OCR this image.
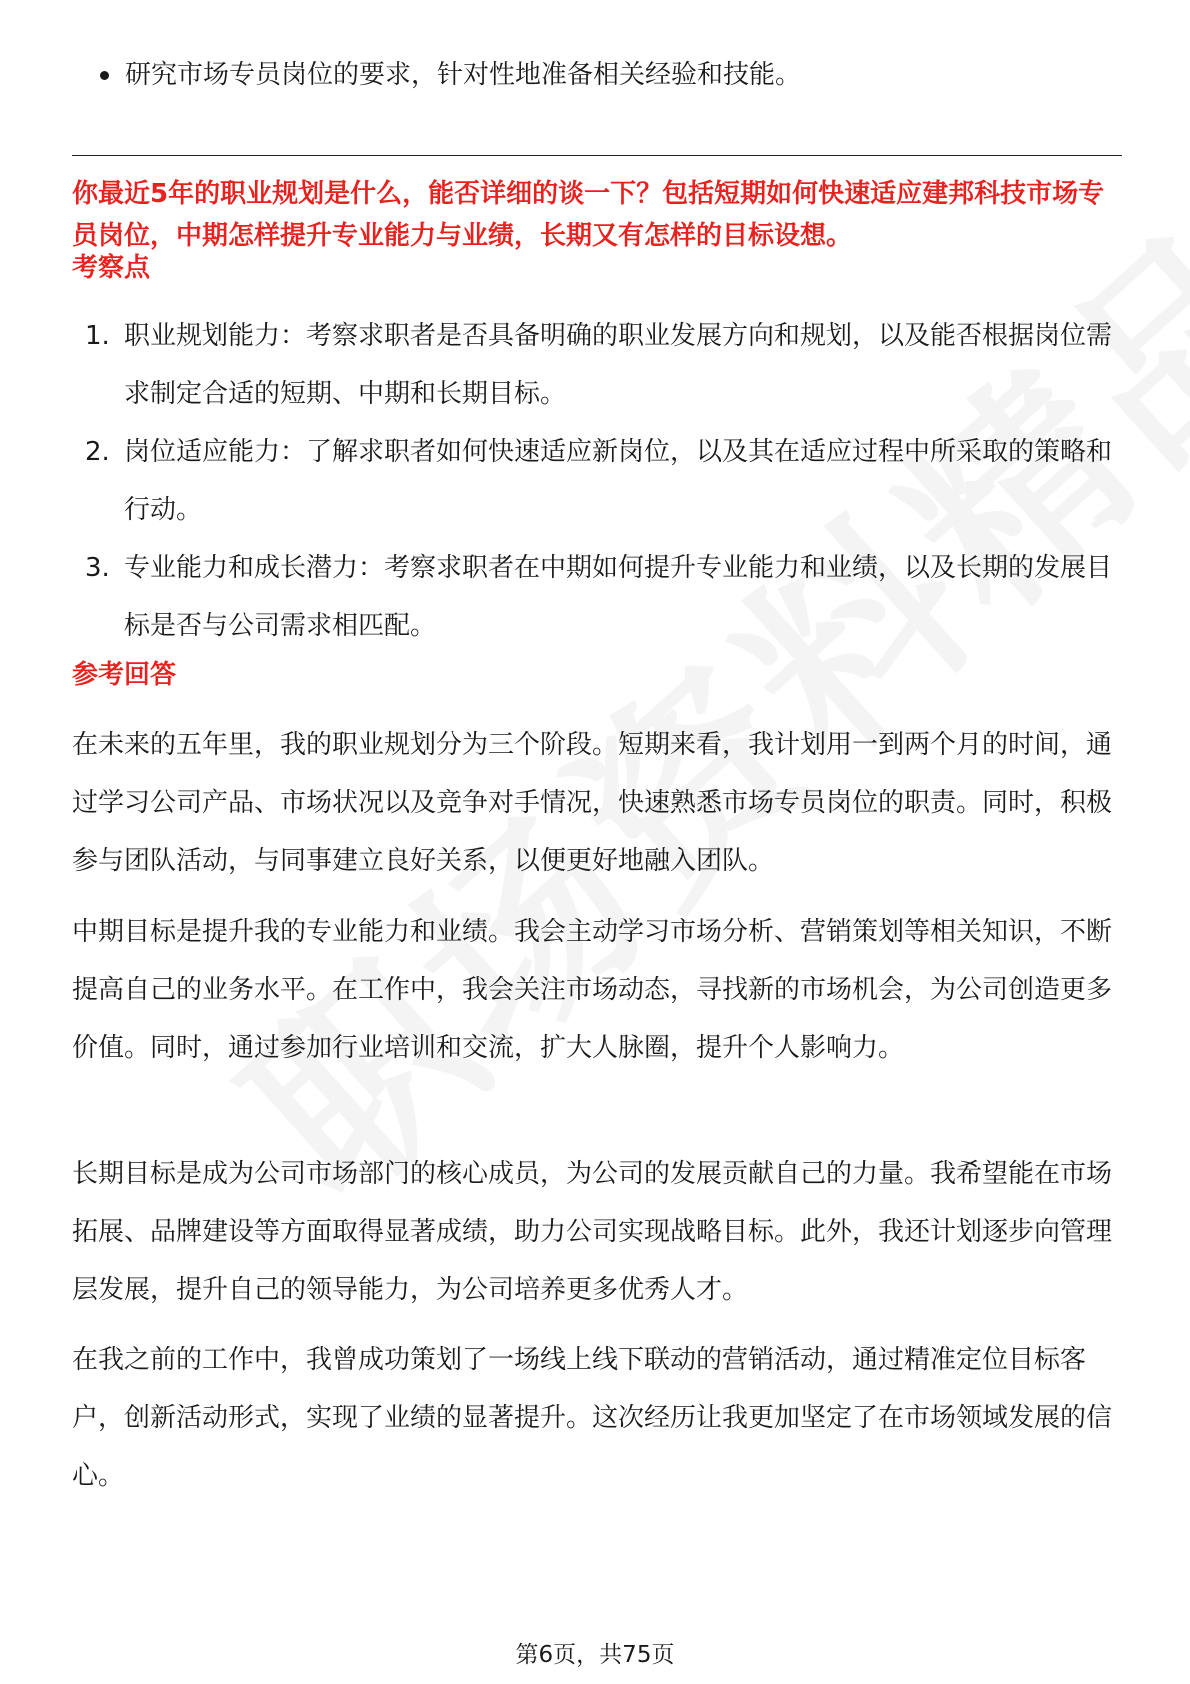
研究市场专员岗位的要求，针对性地准备相关经验和技能。
你最近5年的职业规划是什么，能否详细的谈一下？包括短期如何快速适应建邦科技市场专员岗位，中期怎样提升专业能力与业绩，长期又有怎样的目标设想。
考察点
1. 职业规划能力：考察求职者是否具备明确的职业发展方向和规划，以及能否根据岗位需求制定合适的短期、中期和长期目标。
2. 岗位适应能力：了解求职者如何快速适应新岗位，以及其在适应过程中所采取的策略和行动。
3. 专业能力和成长潜力：考察求职者在中期如何提升专业能力和业绩，以及长期的发展目标是否与公司需求相匹配。
参考回答
在未来的五年里，我的职业规划分为三个阶段。短期来看，我计划用一到两个月的时间，通过学习公司产品、市场状况以及竞争对手情况，快速熟悉市场专员岗位的职责。同时，积极参与团队活动，与同事建立良好关系，以便更好地融入团队。
中期目标是提升我的专业能力和业绩。我会主动学习市场分析、营销策划等相关知识，不断提高自己的业务水平。在工作中，我会关注市场动态，寻找新的市场机会，为公司创造更多价值。同时，通过参加行业培训和交流，扩大人脉圈，提升个人影响力。
长期目标是成为公司市场部门的核心成员，为公司的发展贡献自己的力量。我希望能在市场拓展、品牌建设等方面取得显著成绩，助力公司实现战略目标。此外，我还计划逐步向管理层发展，提升自己的领导能力，为公司培养更多优秀人才。
在我之前的工作中，我曾成功策划了一场线上线下联动的营销活动，通过精准定位目标客户，创新活动形式，实现了业绩的显著提升。这次经历让我更加坚定了在市场领域发展的信心。
第6页，共75页
